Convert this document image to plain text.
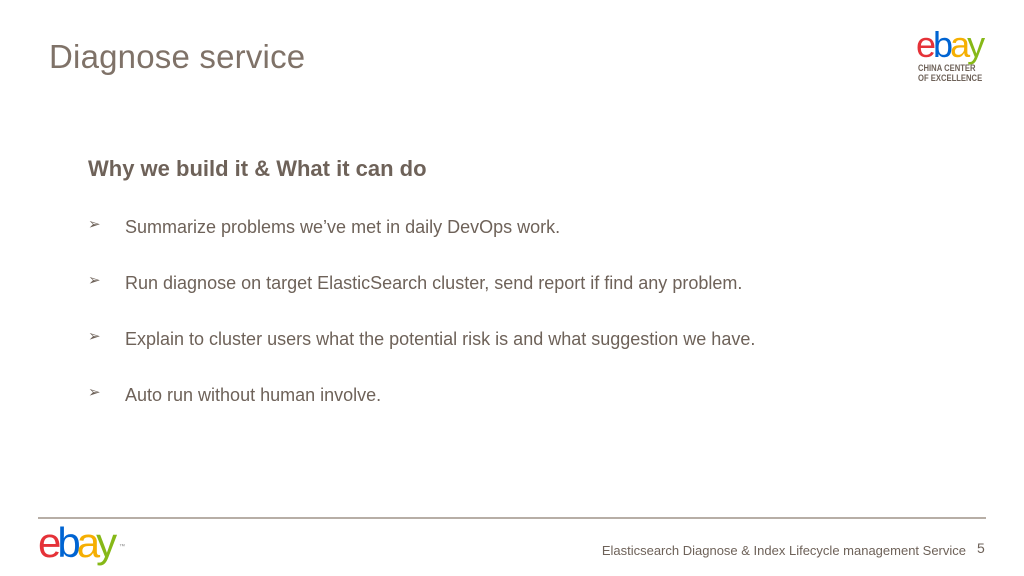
Diagnose service	ebay
CHINA CENTER
OF EXCELLENCE
Why we build it & What it can do
➢ Summarize problems we’ve met in daily DevOps work.
➢ Run diagnose on target ElasticSearch cluster, send report if find any problem.
➢ Explain to cluster users what the potential risk is and what suggestion we have.
➢ Auto run without human involve.
ebay ™	Elasticsearch Diagnose & Index Lifecycle management Service 5
